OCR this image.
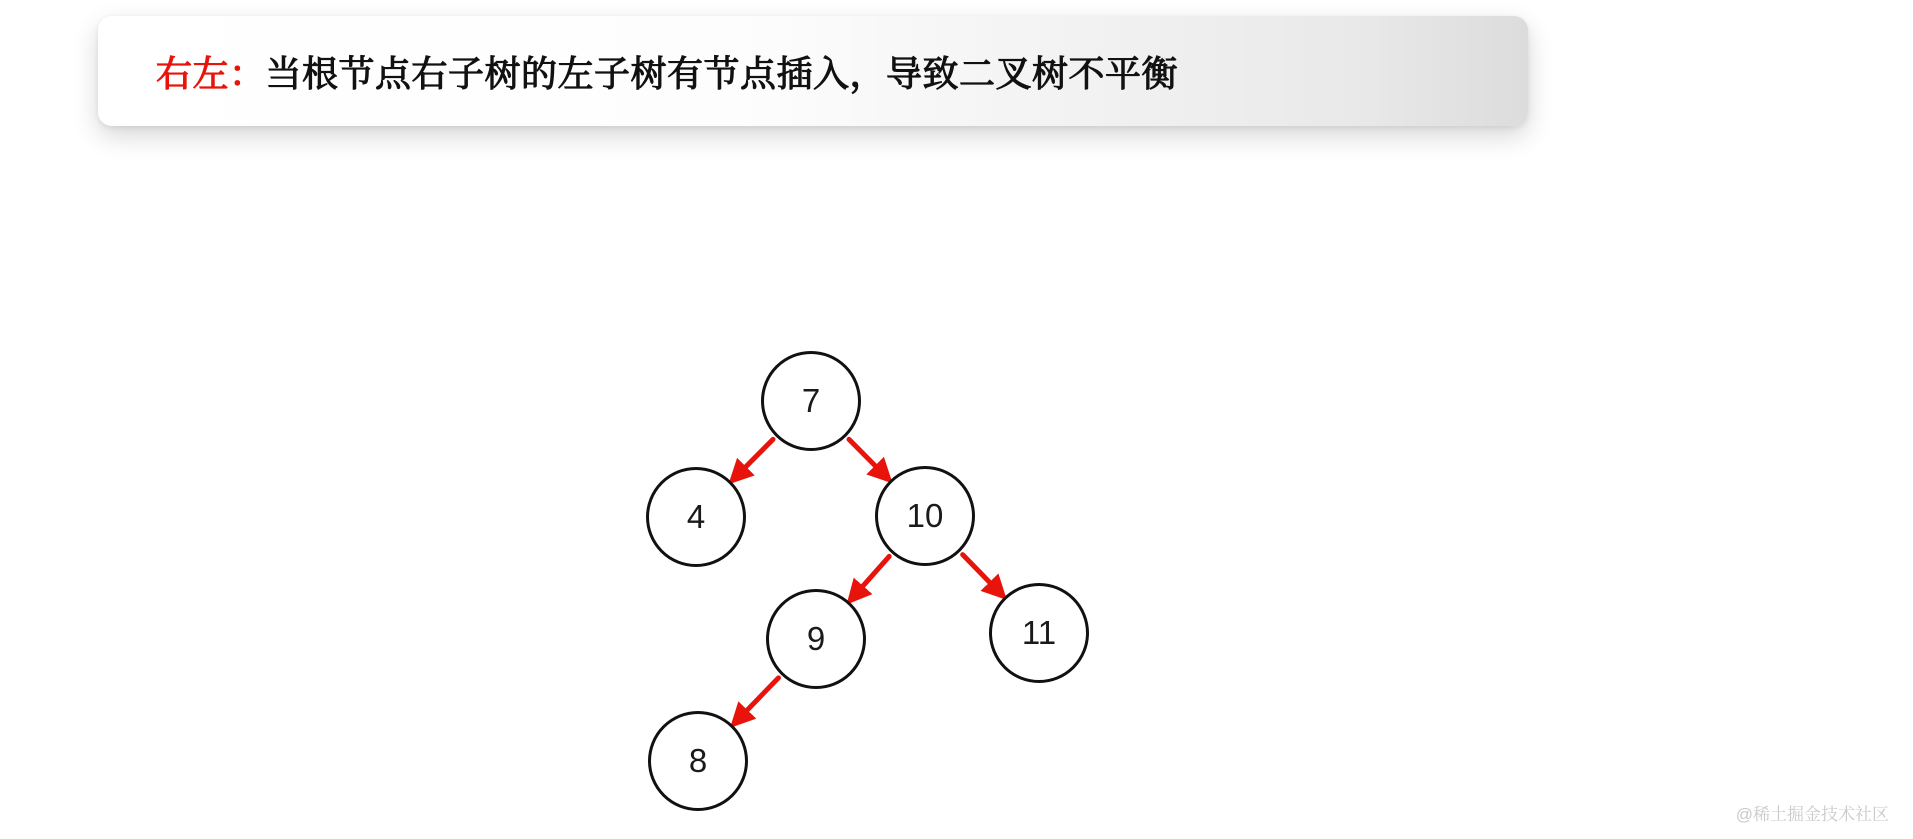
右左：当根节点右子树的左子树有节点插入，导致二叉树不平衡
7
4	10
9	11
8
@稀土掘金技术社区
